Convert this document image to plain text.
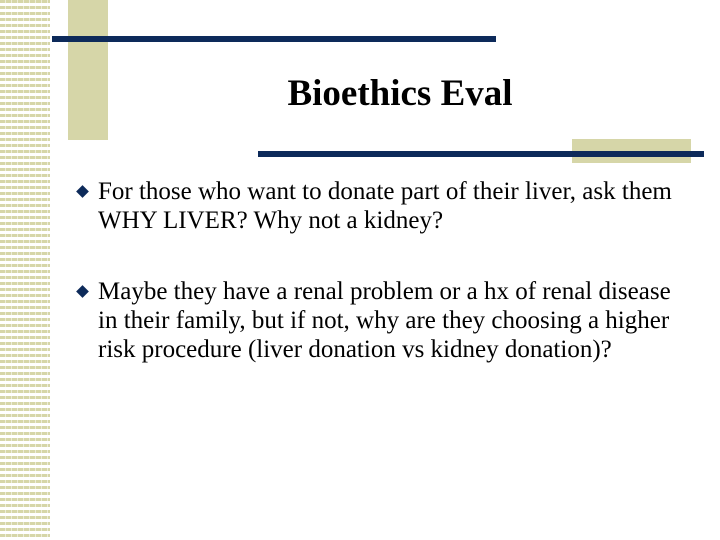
Bioethics Eval
For those who want to donate part of their liver, ask them WHY LIVER? Why not a kidney?
Maybe they have a renal problem or a hx of renal disease in their family, but if not, why are they choosing a higher risk procedure (liver donation vs kidney donation)?
